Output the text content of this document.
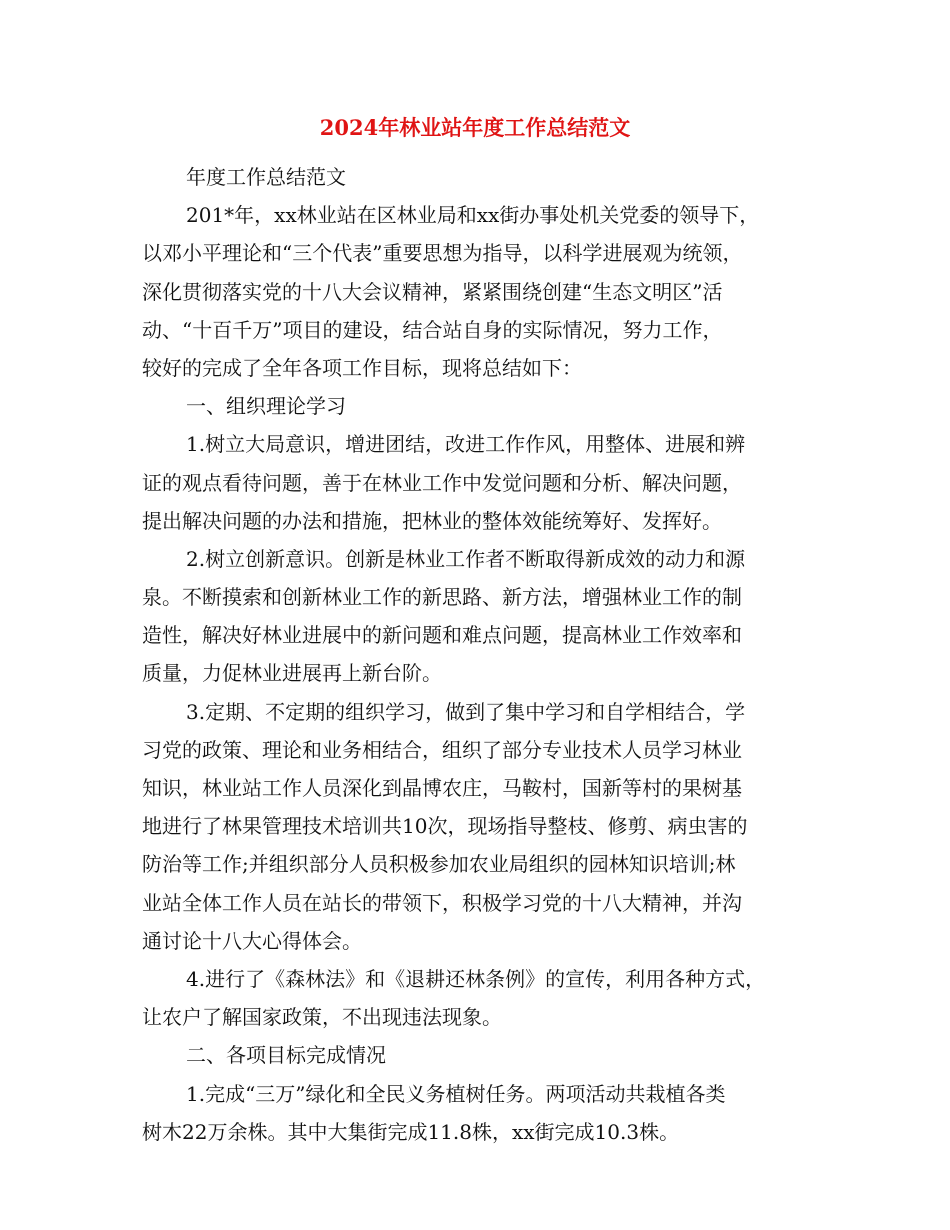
2024年林业站年度工作总结范文
年度工作总结范文
201*年，xx林业站在区林业局和xx街办事处机关党委的领导下，
以邓小平理论和“三个代表”重要思想为指导，以科学进展观为统领，
深化贯彻落实党的十八大会议精神，紧紧围绕创建“生态文明区”活
动、“十百千万”项目的建设，结合站自身的实际情况，努力工作，
较好的完成了全年各项工作目标，现将总结如下：
一、组织理论学习
1.树立大局意识，增进团结，改进工作作风，用整体、进展和辨
证的观点看待问题，善于在林业工作中发觉问题和分析、解决问题，
提出解决问题的办法和措施，把林业的整体效能统筹好、发挥好。
2.树立创新意识。创新是林业工作者不断取得新成效的动力和源
泉。不断摸索和创新林业工作的新思路、新方法，增强林业工作的制
造性，解决好林业进展中的新问题和难点问题，提高林业工作效率和
质量，力促林业进展再上新台阶。
3.定期、不定期的组织学习，做到了集中学习和自学相结合，学
习党的政策、理论和业务相结合，组织了部分专业技术人员学习林业
知识，林业站工作人员深化到晶博农庄，马鞍村，国新等村的果树基
地进行了林果管理技术培训共10次，现场指导整枝、修剪、病虫害的
防治等工作;并组织部分人员积极参加农业局组织的园林知识培训;林
业站全体工作人员在站长的带领下，积极学习党的十八大精神，并沟
通讨论十八大心得体会。
4.进行了《森林法》和《退耕还林条例》的宣传，利用各种方式，
让农户了解国家政策，不出现违法现象。
二、各项目标完成情况
1.完成“三万”绿化和全民义务植树任务。两项活动共栽植各类
树木22万余株。其中大集街完成11.8株，xx街完成10.3株。
